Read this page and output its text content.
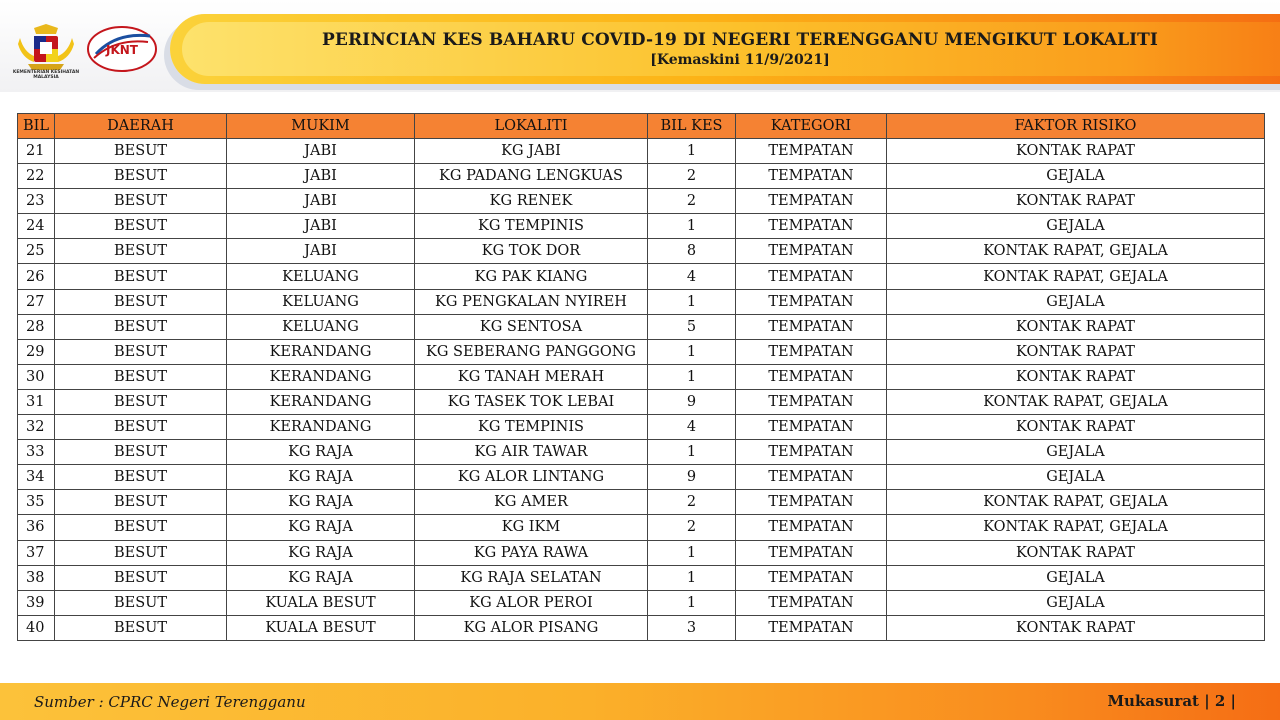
KEMENTERIAN KESIHATAN MALAYSIA
JKNT	PERINCIAN KES BAHARU COVID-19 DI NEGERI TERENGGANU MENGIKUT LOKALITI
[Kemaskini 11/9/2021]
BIL	DAERAH	MUKIM	LOKALITI	BIL KES	KATEGORI	FAKTOR RISIKO
21	BESUT	JABI	KG JABI	1	TEMPATAN	KONTAK RAPAT
22	BESUT	JABI	KG PADANG LENGKUAS	2	TEMPATAN	GEJALA
23	BESUT	JABI	KG RENEK	2	TEMPATAN	KONTAK RAPAT
24	BESUT	JABI	KG TEMPINIS	1	TEMPATAN	GEJALA
25	BESUT	JABI	KG TOK DOR	8	TEMPATAN	KONTAK RAPAT, GEJALA
26	BESUT	KELUANG	KG PAK KIANG	4	TEMPATAN	KONTAK RAPAT, GEJALA
27	BESUT	KELUANG	KG PENGKALAN NYIREH	1	TEMPATAN	GEJALA
28	BESUT	KELUANG	KG SENTOSA	5	TEMPATAN	KONTAK RAPAT
29	BESUT	KERANDANG	KG SEBERANG PANGGONG	1	TEMPATAN	KONTAK RAPAT
30	BESUT	KERANDANG	KG TANAH MERAH	1	TEMPATAN	KONTAK RAPAT
31	BESUT	KERANDANG	KG TASEK TOK LEBAI	9	TEMPATAN	KONTAK RAPAT, GEJALA
32	BESUT	KERANDANG	KG TEMPINIS	4	TEMPATAN	KONTAK RAPAT
33	BESUT	KG RAJA	KG AIR TAWAR	1	TEMPATAN	GEJALA
34	BESUT	KG RAJA	KG ALOR LINTANG	9	TEMPATAN	GEJALA
35	BESUT	KG RAJA	KG AMER	2	TEMPATAN	KONTAK RAPAT, GEJALA
36	BESUT	KG RAJA	KG IKM	2	TEMPATAN	KONTAK RAPAT, GEJALA
37	BESUT	KG RAJA	KG PAYA RAWA	1	TEMPATAN	KONTAK RAPAT
38	BESUT	KG RAJA	KG RAJA SELATAN	1	TEMPATAN	GEJALA
39	BESUT	KUALA BESUT	KG ALOR PEROI	1	TEMPATAN	GEJALA
40	BESUT	KUALA BESUT	KG ALOR PISANG	3	TEMPATAN	KONTAK RAPAT
Sumber : CPRC Negeri Terengganu	Mukasurat | 2 |
